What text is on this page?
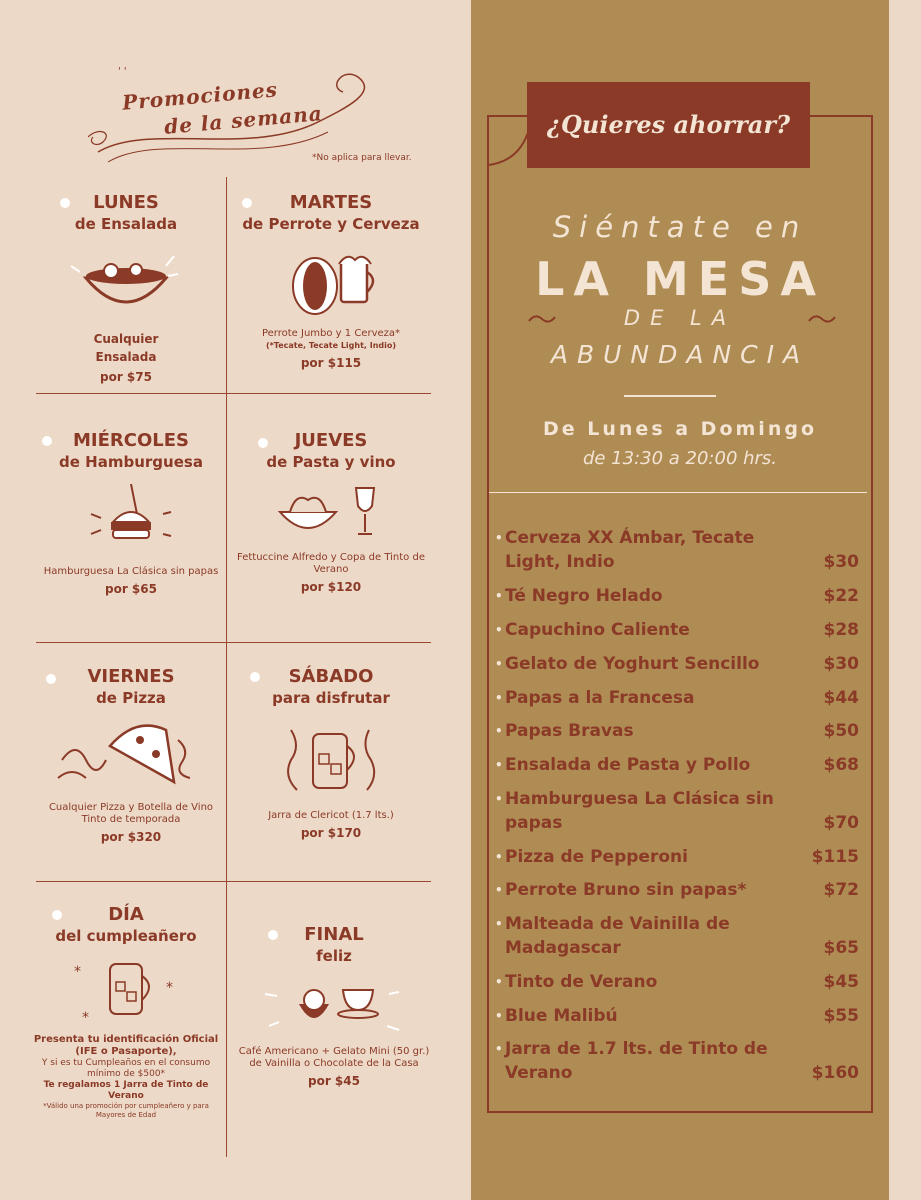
' '
Promociones
de la semana
*No aplica para llevar.
LUNES
de Ensalada
Cualquier Ensalada
por $75
MARTES
de Perrote y Cerveza
Perrote Jumbo y 1 Cerveza*
(*Tecate, Tecate Light, Indio)
por $115
MIÉRCOLES
de Hamburguesa
Hamburguesa La Clásica sin papas
por $65
JUEVES
de Pasta y vino
Fettuccine Alfredo y Copa de Tinto de Verano
por $120
VIERNES
de Pizza
Cualquier Pizza y Botella de Vino Tinto de temporada
por $320
SÁBADO
para disfrutar
Jarra de Clericot (1.7 lts.)
por $170
DÍA
del cumpleañero
*
*
*
Presenta tu identificación Oficial (IFE o Pasaporte),
Y si es tu Cumpleaños en el consumo mínimo de $500*
Te regalamos 1 Jarra de Tinto de Verano
*Válido una promoción por cumpleañero y para Mayores de Edad
FINAL
feliz
Café Americano + Gelato Mini (50 gr.) de Vainilla o Chocolate de la Casa
por $45
¿Quieres ahorrar?
Siéntate en
LA MESA
DE LA
ABUNDANCIA
De Lunes a Domingo
de 13:30 a 20:00 hrs.
• Cerveza XX Ámbar, Tecate Light, Indio	$30
• Té Negro Helado	$22
• Capuchino Caliente	$28
• Gelato de Yoghurt Sencillo	$30
• Papas a la Francesa	$44
• Papas Bravas	$50
• Ensalada de Pasta y Pollo	$68
• Hamburguesa La Clásica sin papas	$70
• Pizza de Pepperoni	$115
• Perrote Bruno sin papas*	$72
• Malteada de Vainilla de Madagascar	$65
• Tinto de Verano	$45
• Blue Malibú	$55
• Jarra de 1.7 lts. de Tinto de Verano	$160
